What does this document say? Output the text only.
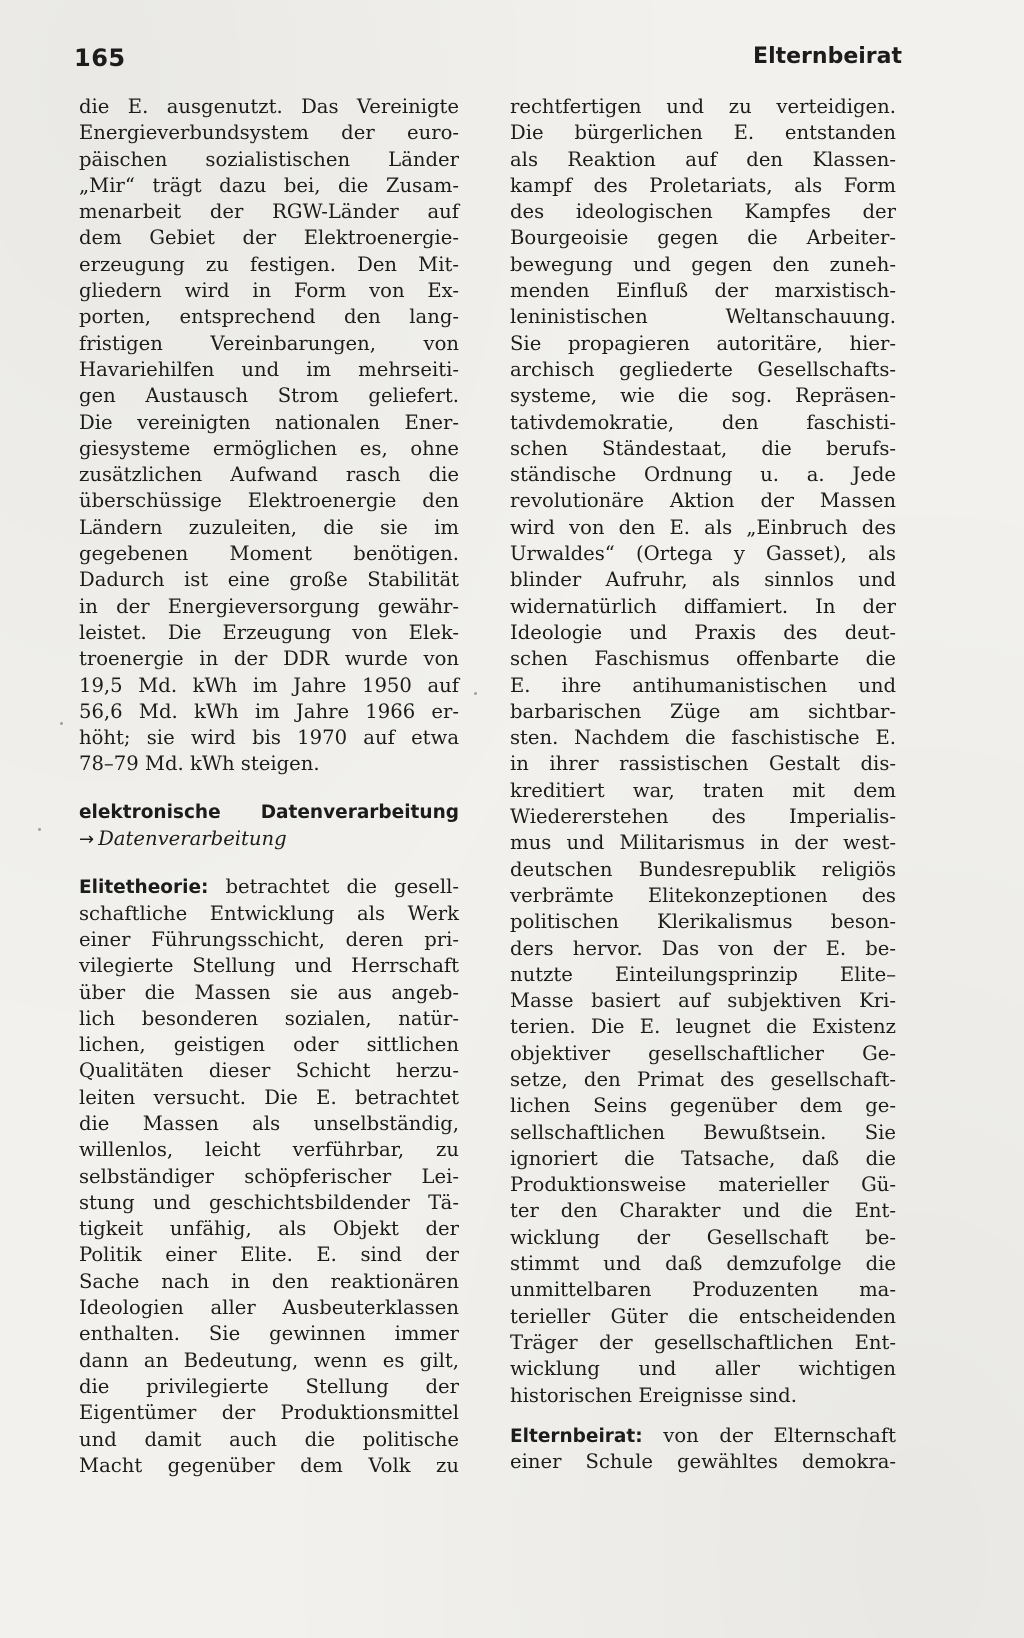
165	Elternbeirat
die E. ausgenutzt. Das Vereinigte
Energieverbundsystem der euro-
päischen sozialistischen Länder
„Mir“ trägt dazu bei, die Zusam-
menarbeit der RGW-Länder auf
dem Gebiet der Elektroenergie-
erzeugung zu festigen. Den Mit-
gliedern wird in Form von Ex-
porten, entsprechend den lang-
fristigen Vereinbarungen, von
Havariehilfen und im mehrseiti-
gen Austausch Strom geliefert.
Die vereinigten nationalen Ener-
giesysteme ermöglichen es, ohne
zusätzlichen Aufwand rasch die
überschüssige Elektroenergie den
Ländern zuzuleiten, die sie im
gegebenen Moment benötigen.
Dadurch ist eine große Stabilität
in der Energieversorgung gewähr-
leistet. Die Erzeugung von Elek-
troenergie in der DDR wurde von
19,5 Md. kWh im Jahre 1950 auf
56,6 Md. kWh im Jahre 1966 er-
höht; sie wird bis 1970 auf etwa
78–79 Md. kWh steigen.
elektronische Datenverarbeitung
→ Datenverarbeitung
Elitetheorie: betrachtet die gesell-
schaftliche Entwicklung als Werk
einer Führungsschicht, deren pri-
vilegierte Stellung und Herrschaft
über die Massen sie aus angeb-
lich besonderen sozialen, natür-
lichen, geistigen oder sittlichen
Qualitäten dieser Schicht herzu-
leiten versucht. Die E. betrachtet
die Massen als unselbständig,
willenlos, leicht verführbar, zu
selbständiger schöpferischer Lei-
stung und geschichtsbildender Tä-
tigkeit unfähig, als Objekt der
Politik einer Elite. E. sind der
Sache nach in den reaktionären
Ideologien aller Ausbeuterklassen
enthalten. Sie gewinnen immer
dann an Bedeutung, wenn es gilt,
die privilegierte Stellung der
Eigentümer der Produktionsmittel
und damit auch die politische
Macht gegenüber dem Volk zu
rechtfertigen und zu verteidigen.
Die bürgerlichen E. entstanden
als Reaktion auf den Klassen-
kampf des Proletariats, als Form
des ideologischen Kampfes der
Bourgeoisie gegen die Arbeiter-
bewegung und gegen den zuneh-
menden Einfluß der marxistisch-
leninistischen Weltanschauung.
Sie propagieren autoritäre, hier-
archisch gegliederte Gesellschafts-
systeme, wie die sog. Repräsen-
tativdemokratie, den faschisti-
schen Ständestaat, die berufs-
ständische Ordnung u. a. Jede
revolutionäre Aktion der Massen
wird von den E. als „Einbruch des
Urwaldes“ (Ortega y Gasset), als
blinder Aufruhr, als sinnlos und
widernatürlich diffamiert. In der
Ideologie und Praxis des deut-
schen Faschismus offenbarte die
E. ihre antihumanistischen und
barbarischen Züge am sichtbar-
sten. Nachdem die faschistische E.
in ihrer rassistischen Gestalt dis-
kreditiert war, traten mit dem
Wiedererstehen des Imperialis-
mus und Militarismus in der west-
deutschen Bundesrepublik religiös
verbrämte Elitekonzeptionen des
politischen Klerikalismus beson-
ders hervor. Das von der E. be-
nutzte Einteilungsprinzip Elite–
Masse basiert auf subjektiven Kri-
terien. Die E. leugnet die Existenz
objektiver gesellschaftlicher Ge-
setze, den Primat des gesellschaft-
lichen Seins gegenüber dem ge-
sellschaftlichen Bewußtsein. Sie
ignoriert die Tatsache, daß die
Produktionsweise materieller Gü-
ter den Charakter und die Ent-
wicklung der Gesellschaft be-
stimmt und daß demzufolge die
unmittelbaren Produzenten ma-
terieller Güter die entscheidenden
Träger der gesellschaftlichen Ent-
wicklung und aller wichtigen
historischen Ereignisse sind.
Elternbeirat: von der Elternschaft
einer Schule gewähltes demokra-
